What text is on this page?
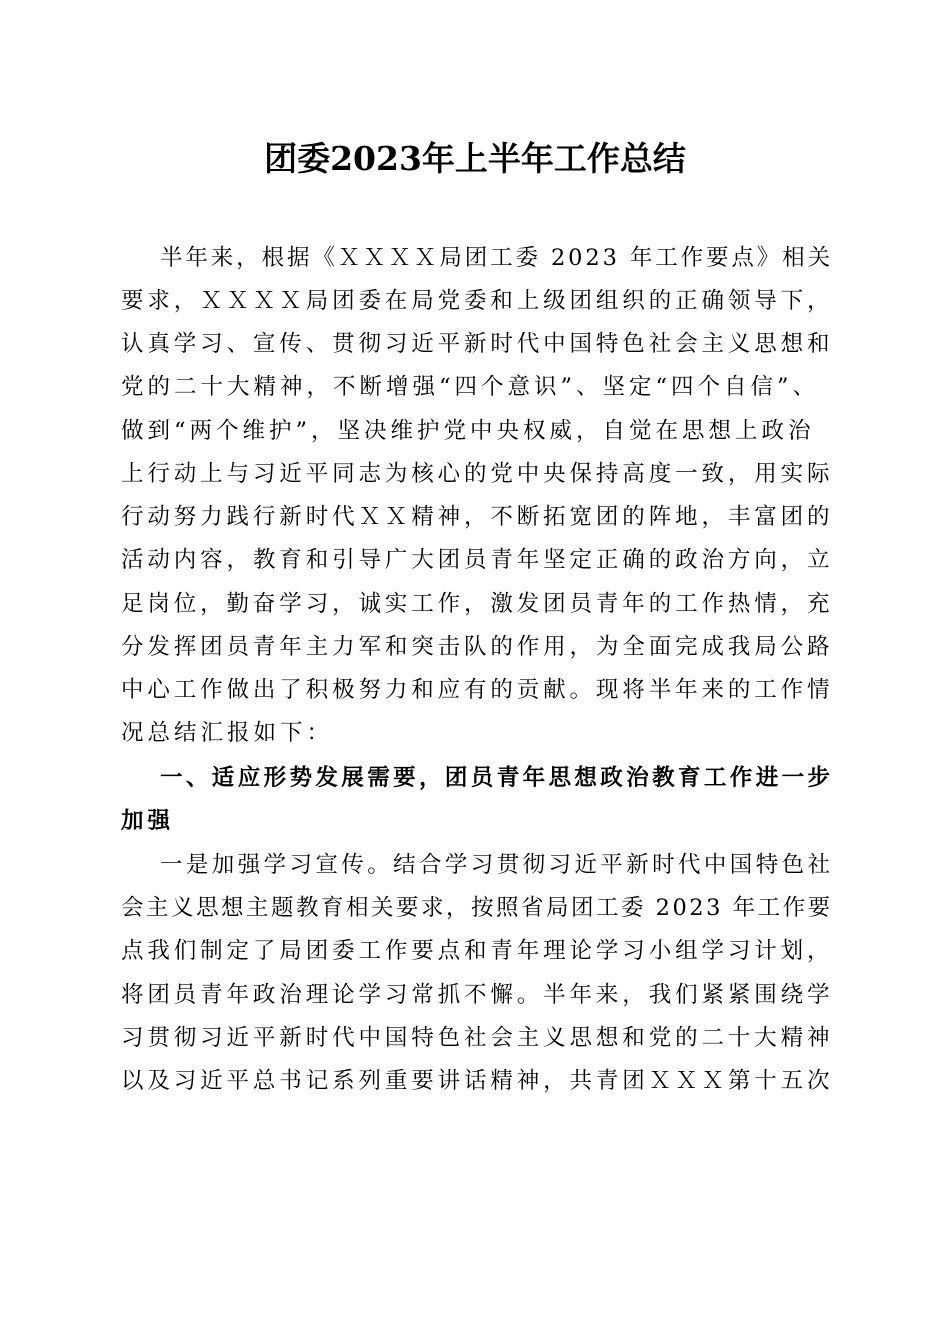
团委2023年上半年工作总结
半年来，根据《ＸＸＸＸ局团工委 2023 年工作要点》相关
要求，ＸＸＸＸ局团委在局党委和上级团组织的正确领导下，
认真学习、宣传、贯彻习近平新时代中国特色社会主义思想和
党的二十大精神，不断增强“四个意识”、坚定“四个自信”、
做到“两个维护”，坚决维护党中央权威，自觉在思想上政治
上行动上与习近平同志为核心的党中央保持高度一致，用实际
行动努力践行新时代ＸＸ精神，不断拓宽团的阵地，丰富团的
活动内容，教育和引导广大团员青年坚定正确的政治方向，立
足岗位，勤奋学习，诚实工作，激发团员青年的工作热情，充
分发挥团员青年主力军和突击队的作用，为全面完成我局公路
中心工作做出了积极努力和应有的贡献。现将半年来的工作情
况总结汇报如下：
一、适应形势发展需要，团员青年思想政治教育工作进一步
加强
一是加强学习宣传。结合学习贯彻习近平新时代中国特色社
会主义思想主题教育相关要求，按照省局团工委 2023 年工作要
点我们制定了局团委工作要点和青年理论学习小组学习计划，
将团员青年政治理论学习常抓不懈。半年来，我们紧紧围绕学
习贯彻习近平新时代中国特色社会主义思想和党的二十大精神
以及习近平总书记系列重要讲话精神，共青团ＸＸＸ第十五次
